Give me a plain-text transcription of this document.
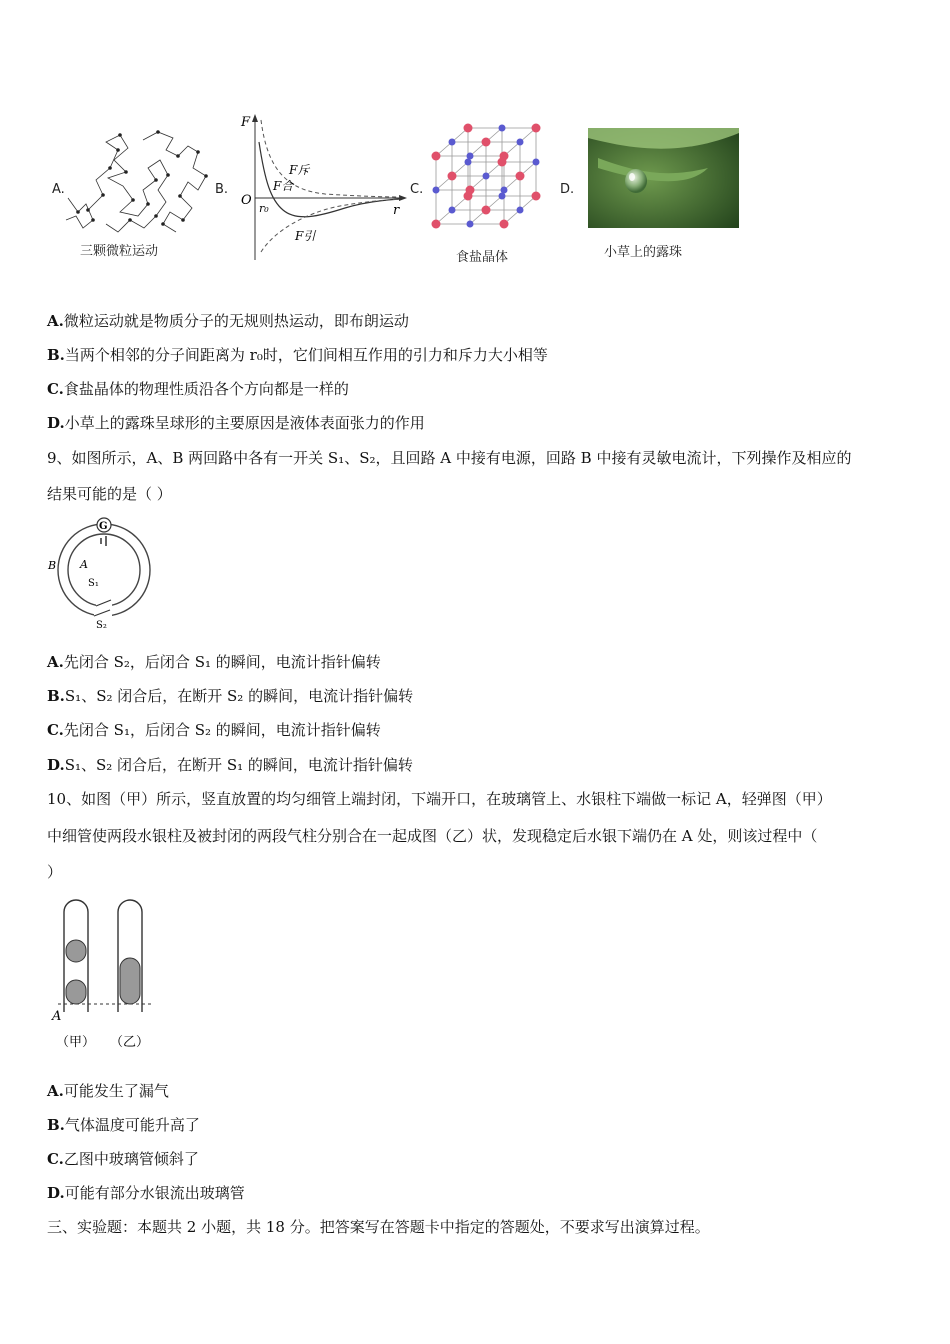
A.
三颗微粒运动
B.
F
r
O
r₀
F斥
F合
F引
C.
食盐晶体
D.
小草上的露珠
A.微粒运动就是物质分子的无规则热运动，即布朗运动
B.当两个相邻的分子间距离为 r₀时，它们间相互作用的引力和斥力大小相等
C.食盐晶体的物理性质沿各个方向都是一样的
D.小草上的露珠呈球形的主要原因是液体表面张力的作用
9、如图所示，A、B 两回路中各有一开关 S₁、S₂，且回路 A 中接有电源，回路 B 中接有灵敏电流计，下列操作及相应的
结果可能的是（ ）
G
B A
S₁
S₂
A.先闭合 S₂，后闭合 S₁ 的瞬间，电流计指针偏转
B.S₁、S₂ 闭合后，在断开 S₂ 的瞬间，电流计指针偏转
C.先闭合 S₁，后闭合 S₂ 的瞬间，电流计指针偏转
D.S₁、S₂ 闭合后，在断开 S₁ 的瞬间，电流计指针偏转
10、如图（甲）所示，竖直放置的均匀细管上端封闭，下端开口，在玻璃管上、水银柱下端做一标记 A，轻弹图（甲）
中细管使两段水银柱及被封闭的两段气柱分别合在一起成图（乙）状，发现稳定后水银下端仍在 A 处，则该过程中（
）
A
（甲） （乙）
A.可能发生了漏气
B.气体温度可能升高了
C.乙图中玻璃管倾斜了
D.可能有部分水银流出玻璃管
三、实验题：本题共 2 小题，共 18 分。把答案写在答题卡中指定的答题处，不要求写出演算过程。
